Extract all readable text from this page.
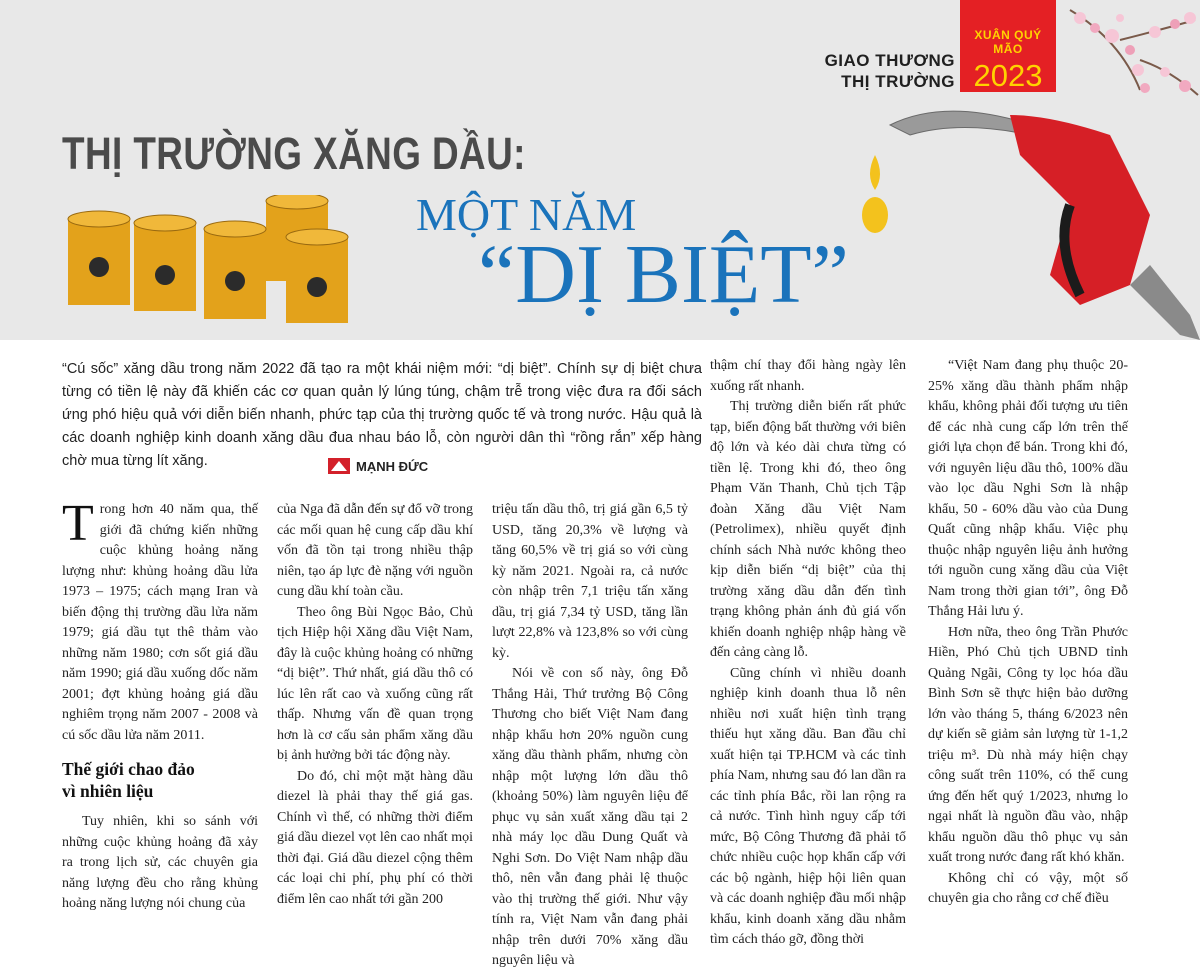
XUÂN QUÝ MÃO
2023
GIAO THƯƠNG
THỊ TRƯỜNG
THỊ TRƯỜNG XĂNG DẦU:
MỘT NĂM
“DỊ BIỆT”

“Cú sốc” xăng dầu trong năm 2022 đã tạo ra một khái niệm mới: “dị biệt”. Chính sự dị biệt chưa từng có tiền lệ này đã khiến các cơ quan quản lý lúng túng, chậm trễ trong việc đưa ra đối sách ứng phó hiệu quả với diễn biến nhanh, phức tạp của thị trường quốc tế và trong nước. Hậu quả là các doanh nghiệp kinh doanh xăng dầu đua nhau báo lỗ, còn người dân thì “rồng rắn” xếp hàng chờ mua từng lít xăng.	MẠNH ĐỨC
T rong hơn 40 năm qua, thế giới đã chứng kiến những cuộc khủng hoảng năng lượng như: khủng hoảng dầu lửa 1973 – 1975; cách mạng Iran và biến động thị trường dầu lửa năm 1979; giá dầu tụt thê thảm vào những năm 1980; cơn sốt giá dầu năm 1990; giá dầu xuống dốc năm 2001; đợt khủng hoảng giá dầu nghiêm trọng năm 2007 - 2008 và cú sốc dầu lửa năm 2011.

Thế giới chao đảo
vì nhiên liệu

Tuy nhiên, khi so sánh với những cuộc khủng hoảng đã xảy ra trong lịch sử, các chuyên gia năng lượng đều cho rằng khủng hoảng năng lượng nói chung của

của Nga đã dẫn đến sự đổ vỡ trong các mối quan hệ cung cấp dầu khí vốn đã tồn tại trong nhiều thập niên, tạo áp lực đè nặng với nguồn cung dầu khí toàn cầu.

Theo ông Bùi Ngọc Bảo, Chủ tịch Hiệp hội Xăng dầu Việt Nam, đây là cuộc khủng hoảng có những “dị biệt”. Thứ nhất, giá dầu thô có lúc lên rất cao và xuống cũng rất thấp. Nhưng vấn đề quan trọng hơn là cơ cấu sản phẩm xăng dầu bị ảnh hưởng bởi tác động này.

Do đó, chỉ một mặt hàng dầu diezel là phải thay thế giá gas. Chính vì thế, có những thời điểm giá dầu diezel vọt lên cao nhất mọi thời đại. Giá dầu diezel cộng thêm các loại chi phí, phụ phí có thời điểm lên cao nhất tới gần 200

triệu tấn dầu thô, trị giá gần 6,5 tỷ USD, tăng 20,3% về lượng và tăng 60,5% về trị giá so với cùng kỳ năm 2021. Ngoài ra, cả nước còn nhập trên 7,1 triệu tấn xăng dầu, trị giá 7,34 tỷ USD, tăng lần lượt 22,8% và 123,8% so với cùng kỳ.

Nói về con số này, ông Đỗ Thắng Hải, Thứ trưởng Bộ Công Thương cho biết Việt Nam đang nhập khẩu hơn 20% nguồn cung xăng dầu thành phẩm, nhưng còn nhập một lượng lớn dầu thô (khoảng 50%) làm nguyên liệu để phục vụ sản xuất xăng dầu tại 2 nhà máy lọc dầu Dung Quất và Nghi Sơn. Do Việt Nam nhập dầu thô, nên vẫn đang phải lệ thuộc vào thị trường thế giới. Như vậy tính ra, Việt Nam vẫn đang phải nhập trên dưới 70% xăng dầu nguyên liệu và

thậm chí thay đổi hàng ngày lên xuống rất nhanh.

Thị trường diễn biến rất phức tạp, biến động bất thường với biên độ lớn và kéo dài chưa từng có tiền lệ. Trong khi đó, theo ông Phạm Văn Thanh, Chủ tịch Tập đoàn Xăng dầu Việt Nam (Petrolimex), nhiều quyết định chính sách Nhà nước không theo kịp diễn biến “dị biệt” của thị trường xăng dầu dẫn đến tình trạng không phản ánh đủ giá vốn khiến doanh nghiệp nhập hàng về đến cảng càng lỗ.

Cũng chính vì nhiều doanh nghiệp kinh doanh thua lỗ nên nhiều nơi xuất hiện tình trạng thiếu hụt xăng dầu. Ban đầu chỉ xuất hiện tại TP.HCM và các tỉnh phía Nam, nhưng sau đó lan dần ra các tỉnh phía Bắc, rồi lan rộng ra cả nước. Tình hình nguy cấp tới mức, Bộ Công Thương đã phải tổ chức nhiều cuộc họp khẩn cấp với các bộ ngành, hiệp hội liên quan và các doanh nghiệp đầu mối nhập khẩu, kinh doanh xăng dầu nhằm tìm cách tháo gỡ, đồng thời

“Việt Nam đang phụ thuộc 20-25% xăng dầu thành phẩm nhập khẩu, không phải đối tượng ưu tiên để các nhà cung cấp lớn trên thế giới lựa chọn để bán. Trong khi đó, với nguyên liệu dầu thô, 100% dầu vào lọc dầu Nghi Sơn là nhập khẩu, 50 - 60% dầu vào của Dung Quất cũng nhập khẩu. Việc phụ thuộc nhập nguyên liệu ảnh hưởng tới nguồn cung xăng dầu của Việt Nam trong thời gian tới”, ông Đỗ Thắng Hải lưu ý.

Hơn nữa, theo ông Trần Phước Hiền, Phó Chủ tịch UBND tỉnh Quảng Ngãi, Công ty lọc hóa dầu Bình Sơn sẽ thực hiện bảo dưỡng lớn vào tháng 5, tháng 6/2023 nên dự kiến sẽ giảm sản lượng từ 1-1,2 triệu m³. Dù nhà máy hiện chạy công suất trên 110%, có thể cung ứng đến hết quý 1/2023, nhưng lo ngại nhất là nguồn đầu vào, nhập khẩu nguồn dầu thô phục vụ sản xuất trong nước đang rất khó khăn.

Không chỉ có vậy, một số chuyên gia cho rằng cơ chế điều
